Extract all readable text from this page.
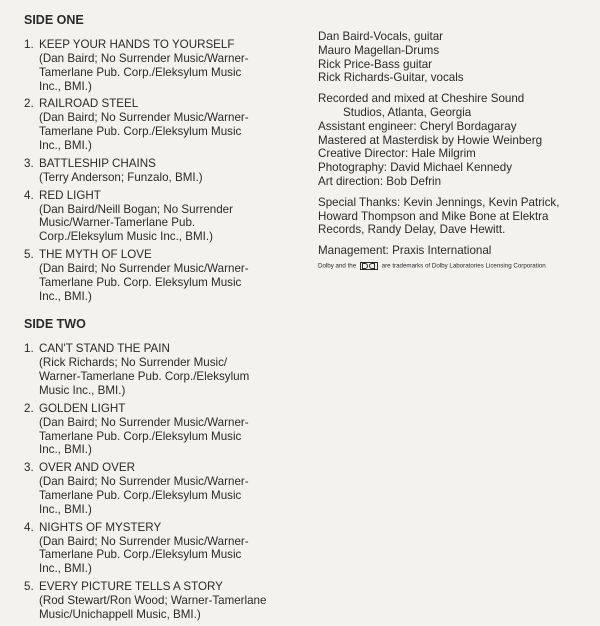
SIDE ONE
1. KEEP YOUR HANDS TO YOURSELF
(Dan Baird; No Surrender Music/Warner-
Tamerlane Pub. Corp./Eleksylum Music
Inc., BMI.)
2. RAILROAD STEEL
(Dan Baird; No Surrender Music/Warner-
Tamerlane Pub. Corp./Eleksylum Music
Inc., BMI.)
3. BATTLESHIP CHAINS
(Terry Anderson; Funzalo, BMI.)
4. RED LIGHT
(Dan Baird/Neill Bogan; No Surrender
Music/Warner-Tamerlane Pub.
Corp./Eleksylum Music Inc., BMI.)
5. THE MYTH OF LOVE
(Dan Baird; No Surrender Music/Warner-
Tamerlane Pub. Corp. Eleksylum Music
Inc., BMI.)
SIDE TWO
1. CAN'T STAND THE PAIN
(Rick Richards; No Surrender Music/
Warner-Tamerlane Pub. Corp./Eleksylum
Music Inc., BMI.)
2. GOLDEN LIGHT
(Dan Baird; No Surrender Music/Warner-
Tamerlane Pub. Corp./Eleksylum Music
Inc., BMI.)
3. OVER AND OVER
(Dan Baird; No Surrender Music/Warner-
Tamerlane Pub. Corp./Eleksylum Music
Inc., BMI.)
4. NIGHTS OF MYSTERY
(Dan Baird; No Surrender Music/Warner-
Tamerlane Pub. Corp./Eleksylum Music
Inc., BMI.)
5. EVERY PICTURE TELLS A STORY
(Rod Stewart/Ron Wood; Warner-Tamerlane
Music/Unichappell Music, BMI.)
Dan Baird-Vocals, guitar
Mauro Magellan-Drums
Rick Price-Bass guitar
Rick Richards-Guitar, vocals
Recorded and mixed at Cheshire Sound
Studios, Atlanta, Georgia
Assistant engineer: Cheryl Bordagaray
Mastered at Masterdisk by Howie Weinberg
Creative Director: Hale Milgrim
Photography: David Michael Kennedy
Art direction: Bob Defrin
Special Thanks: Kevin Jennings, Kevin Patrick,
Howard Thompson and Mike Bone at Elektra
Records, Randy Delay, Dave Hewitt.
Management: Praxis International
Dolby and the	are trademarks of Dolby Laboratories Licensing Corporation
